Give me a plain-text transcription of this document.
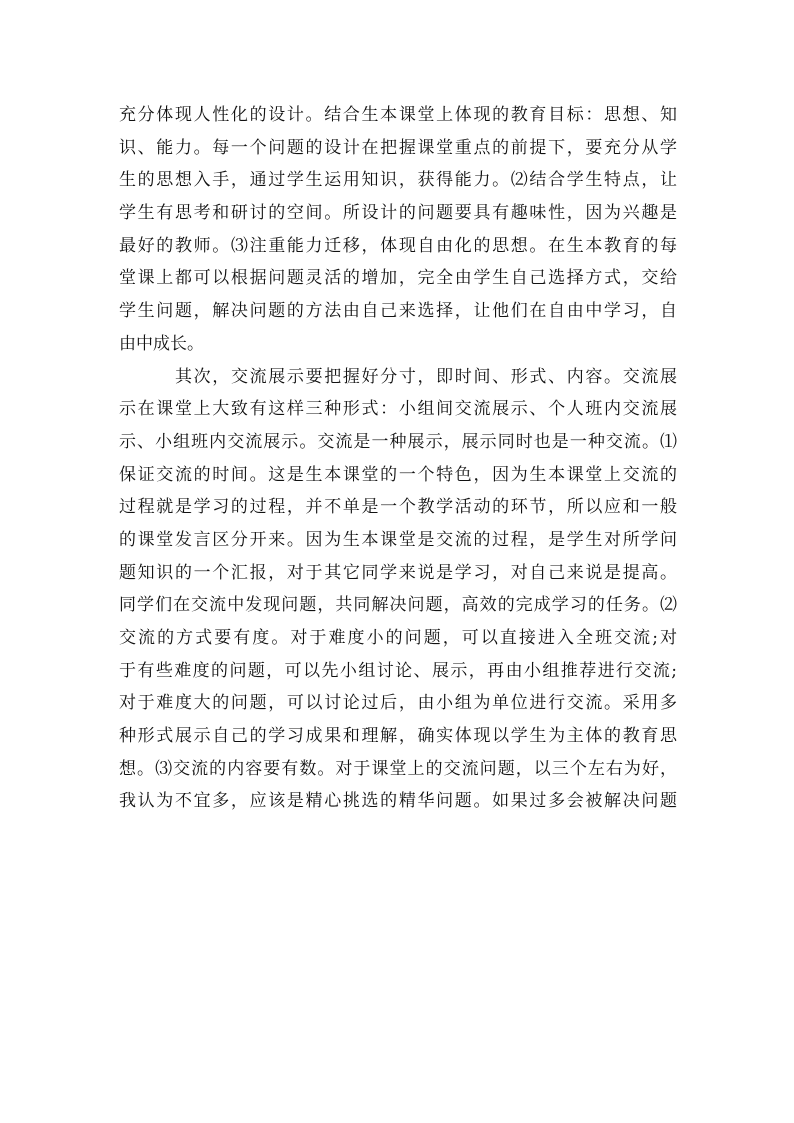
充分体现人性化的设计。结合生本课堂上体现的教育目标：思想、知
识、能力。每一个问题的设计在把握课堂重点的前提下，要充分从学
生的思想入手，通过学生运用知识，获得能力。⑵结合学生特点，让
学生有思考和研讨的空间。所设计的问题要具有趣味性，因为兴趣是
最好的教师。⑶注重能力迁移，体现自由化的思想。在生本教育的每
堂课上都可以根据问题灵活的增加，完全由学生自己选择方式，交给
学生问题，解决问题的方法由自己来选择，让他们在自由中学习，自
由中成长。
其次，交流展示要把握好分寸，即时间、形式、内容。交流展
示在课堂上大致有这样三种形式：小组间交流展示、个人班内交流展
示、小组班内交流展示。交流是一种展示，展示同时也是一种交流。⑴
保证交流的时间。这是生本课堂的一个特色，因为生本课堂上交流的
过程就是学习的过程，并不单是一个教学活动的环节，所以应和一般
的课堂发言区分开来。因为生本课堂是交流的过程，是学生对所学问
题知识的一个汇报，对于其它同学来说是学习，对自己来说是提高。
同学们在交流中发现问题，共同解决问题，高效的完成学习的任务。⑵
交流的方式要有度。对于难度小的问题，可以直接进入全班交流;对
于有些难度的问题，可以先小组讨论、展示，再由小组推荐进行交流;
对于难度大的问题，可以讨论过后，由小组为单位进行交流。采用多
种形式展示自己的学习成果和理解，确实体现以学生为主体的教育思
想。⑶交流的内容要有数。对于课堂上的交流问题，以三个左右为好，
我认为不宜多，应该是精心挑选的精华问题。如果过多会被解决问题
